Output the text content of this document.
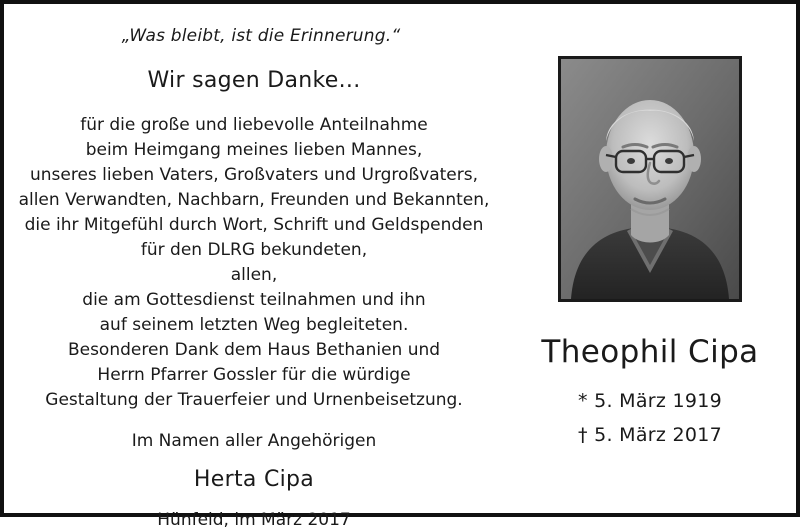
„Was bleibt, ist die Erinnerung.“

Wir sagen Danke...

für die große und liebevolle Anteilnahme
beim Heimgang meines lieben Mannes,
unseres lieben Vaters, Großvaters und Urgroßvaters,
allen Verwandten, Nachbarn, Freunden und Bekannten,
die ihr Mitgefühl durch Wort, Schrift und Geldspenden
für den DLRG bekundeten,
allen,
die am Gottesdienst teilnahmen und ihn
auf seinem letzten Weg begleiteten.
Besonderen Dank dem Haus Bethanien und
Herrn Pfarrer Gossler für die würdige
Gestaltung der Trauerfeier und Urnenbeisetzung.

Im Namen aller Angehörigen

Herta Cipa

Hünfeld, im März 2017

Theophil Cipa

* 5. März 1919

† 5. März 2017
